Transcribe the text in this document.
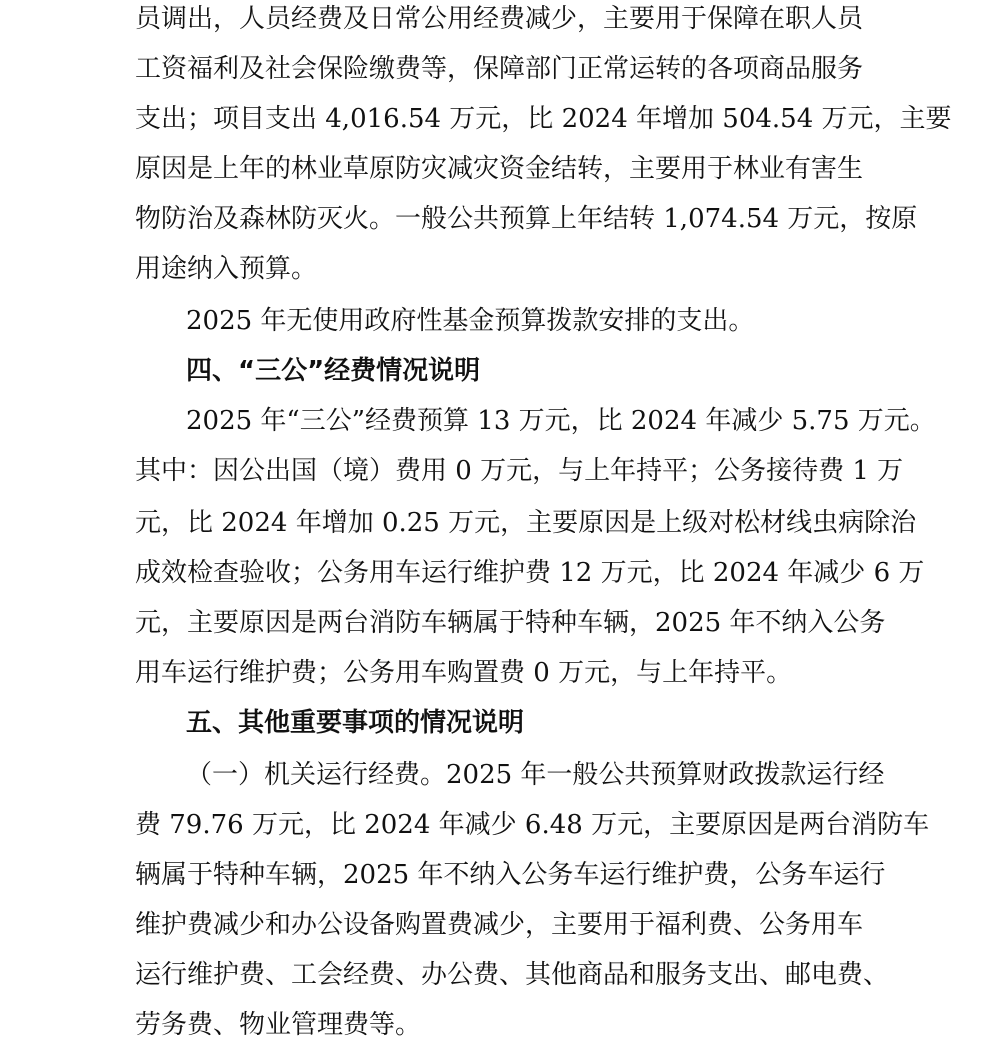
员调出，人员经费及日常公用经费减少，主要用于保障在职人员
工资福利及社会保险缴费等，保障部门正常运转的各项商品服务
支出；项目支出 4,016.54 万元，比 2024 年增加 504.54 万元，主要
原因是上年的林业草原防灾减灾资金结转，主要用于林业有害生
物防治及森林防灭火。一般公共预算上年结转 1,074.54 万元，按原
用途纳入预算。
2025 年无使用政府性基金预算拨款安排的支出。
四、“三公”经费情况说明
2025 年“三公”经费预算 13 万元，比 2024 年减少 5.75 万元。
其中：因公出国（境）费用 0 万元，与上年持平；公务接待费 1 万
元，比 2024 年增加 0.25 万元，主要原因是上级对松材线虫病除治
成效检查验收；公务用车运行维护费 12 万元，比 2024 年减少 6 万
元，主要原因是两台消防车辆属于特种车辆，2025 年不纳入公务
用车运行维护费；公务用车购置费 0 万元，与上年持平。
五、其他重要事项的情况说明
（一）机关运行经费。2025 年一般公共预算财政拨款运行经
费 79.76 万元，比 2024 年减少 6.48 万元，主要原因是两台消防车
辆属于特种车辆，2025 年不纳入公务车运行维护费，公务车运行
维护费减少和办公设备购置费减少，主要用于福利费、公务用车
运行维护费、工会经费、办公费、其他商品和服务支出、邮电费、
劳务费、物业管理费等。
